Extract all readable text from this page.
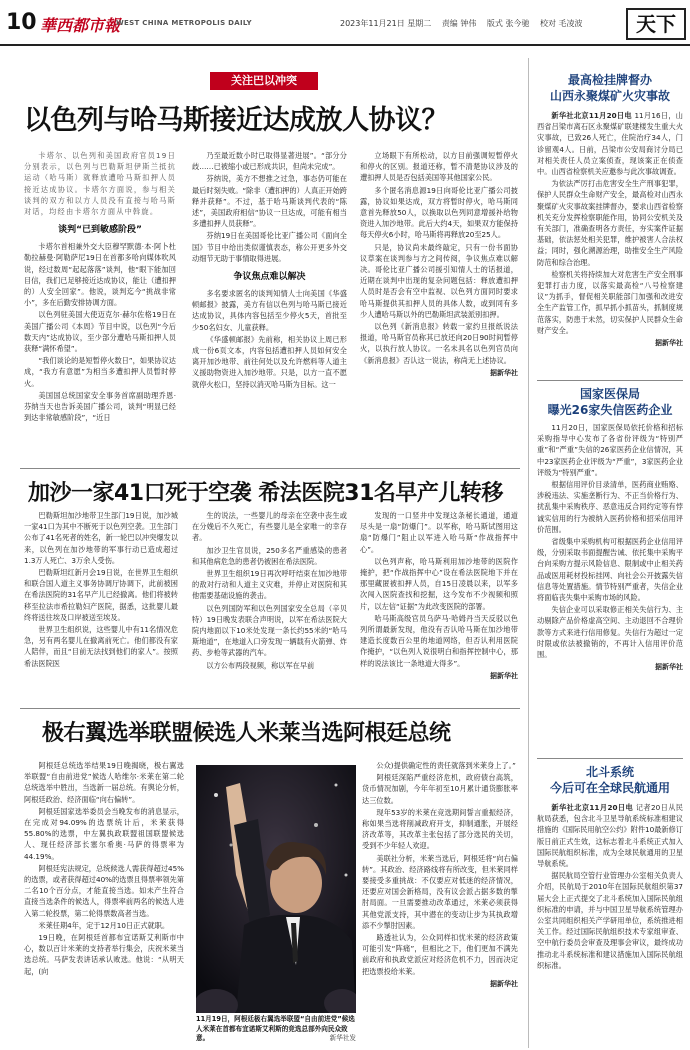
10 華西都市報
WEST CHINA METROPOLIS DAILY	2023年11月21日 星期二 责编 钟伟 版式 张今驰 校对 毛凌波	天下
关注巴以冲突
以色列与哈马斯接近达成放人协议？

卡塔尔、以色列和美国政府官员19日分别表示，以色列与巴勒斯坦伊斯兰抵抗运动（哈马斯）就释放遭哈马斯扣押人员接近达成协议。卡塔尔方面说，参与相关谈判的双方和以方人员没有直接与哈马斯对话，均经由卡塔尔方面从中斡旋。

谈判“已到敏感阶段”

卡塔尔首相兼外交大臣穆罕默德·本·阿卜杜勒拉赫曼·阿勒萨尼19日在首都多哈向媒体吹风说，经过数周“起起落落”谈判，他“眼下能加回目信，我们已足够接近达成协议，能让（遭扣押的）人安全回家”。他说，谈判迄今“挑战非常小”，多在后勤安排协调方面。

以色列驻美国大使迈克尔·赫尔佐格19日在美国广播公司《本周》节目中说，以色列“今后数天内”达成协议，至少部分遭哈马斯扣押人员获释“满怀希望”。

“我们谈论的是短暂停火数日”，如果协议达成，“我方有意愿”为相当多遭扣押人员暂时停火。

美国国总统国家安全事务首席副助理乔恩·芬纳当天也告诉美国广播公司，谈判“明显已经到达非常敏感阶段”，“近日

乃至最近数小时已取得显著进展”。“部分分歧……已被缩小或已形成共识，但尚未完成”。

芬纳说，美方不想推之过急，事态仍可能在最后时刻失败。“除非（遭扣押的）人真正开始跨释并获释”。不过，基于哈马斯谈判代表的“陈述”，美国政府相信“协议一旦达成，可能有相当多遭扣押人员获释”。

芬纳19日在美国哥伦比亚广播公司《面向全国》节目中给出类似谨慎表态，称公开更多外交动细节无助于事情取得进展。

争议焦点难以解决

多名要求匿名的谈判知情人士向美国《华盛顿邮报》披露，美方有信以色列与哈马斯已接近达成协议，具体内容包括至少停火5天，首批至少50名妇女、儿童获释。

《华盛顿邮报》先前称，相关协议上周已形成一份6页文本，内容包括遭扣押人员如何安全离开加沙地带、前往何处以及允许燃料等人道主义援助物资进入加沙地带。只是，以方一直不愿就停火松口，坚持以消灭哈马斯为目标。这一

立场眼下有所松动，以方目前强调短暂停火和停火的区别。报道还称，暂不清楚协议涉及的遭扣押人员是否包括美国等其他国家公民。

多个匿名消息源19日向哥伦比亚广播公司披露，协议如果达成，双方将暂时停火，哈马斯同意首先释放50人，以换取以色列同意增援补给物资进入加沙地带。此后大约4天，如果双方能保持每天停火6小时，哈马斯将再释放20至25人。

只是，协议尚未最终敲定，只有一份书面协议草案在谈判参与方之间传阅，争议焦点难以解决。哥伦比亚广播公司援引知情人士的话报道，近期在谈判中出现的复杂问题包括：释放遭扣押人员时是否会有空中监视、以色列方面同时要求哈马斯提供其扣押人员的具体人数，或到同有多少人遭哈马斯以外的巴勒斯坦武装派别扣押。

以色列《新消息报》转载一家约旦报纸说法报道，哈马斯官员称其已放还向20日90时间暂停火，以执行放人协议。一名未具名以色列官员向《新消息报》否认这一说法，称尚无上述协议。

据新华社

加沙一家41口死于空袭 希法医院31名早产儿转移

巴勒斯坦加沙地带卫生部门19日说，加沙城一家41口为其中不断死于以色列空袭。卫生部门公布了41名死者的姓名，新一轮巴以冲突爆发以来，以色列在加沙地带的军事行动已造成超过1.3万人死亡、3万余人受伤。

巴勒斯坦红新月会19日说，在世界卫生组织和联合国人道主义事务协调厅协调下，此前被困在希法医院的31名早产儿已经撤离。他们将被转移至拉法市希拉勒妇产医院，据悉，这批婴儿最终将送往埃及口岸被送至埃及。

世界卫生组织说，这些婴儿中有11名情况危急，另有两名婴儿在撤离前死亡。他们都没有家人陪伴，而且“目前无法找到他们的家人”。按照希法医院医

生的说法，一些婴儿的母亲在空袭中丧生或在分娩后不久死亡，有些婴儿是全家唯一的幸存者。

加沙卫生官员说，250多名严重感染的患者和其他病危急的患者仍被困在希法医院。

世界卫生组织19日再次呼吁结束在加沙地带的敌对行动和人道主义灾难，并停止对医院和其他需要基础设施的袭击。

以色列国防军和以色列国家安全总局（辛贝特）19日晚发表联合声明说，以军在希法医院大院内地面以下10米处发现一条长约55米的“哈马斯地道”，在地道入口旁发现一辆载有火箭弹、炸药、步枪等武器的汽车。

以方公布两段视频，称以军在早前

发现的一口竖井中发现这条秘长通道，通道尽头是一扇“防爆门”。以军称，哈马斯试图用这扇“防爆门”阻止以军进入哈马斯“作战指挥中心”。

以色列声称，哈马斯利用加沙地带的医院作掩护，把“作战指挥中心”设在希法医院地下并在那里藏匿被扣押人员，自15日凌晨以来，以军多次闯入医院查找和挖掘，这今发布不少视频和照片，以左信“证据”为此改变医院的部署。

哈马斯高级官员乌萨马·哈姆丹当天反驳以色列所谓最新发现，他没有否认哈马斯在加沙地带建造长度数百公里的地道网络，但否认利用医院作掩护，“以色列人说很明白和指挥控制中心，那样的说法该比一条地道大得多”。

据新华社

极右翼选举联盟候选人米莱当选阿根廷总统

阿根廷总统选举结果19日晚揭晓，极右翼选举联盟“自由前进党”候选人哈维尔·米莱在第二轮总统选举中胜出，当选新一届总统。有舆论分析，阿根廷政治、经济面临“向右偏转”。

阿根廷国家选举委员会当晚发布的消息显示，在完成对94.09%的选票统计后，米莱获得55.80%的选票，中左翼执政联盟祖国联盟候选人、现任经济部长塞尔希奥·马萨的得票率为44.19%。

阿根廷宪法规定，总统候选人需获得超过45%的选票，或者获得超过40%的选票且得票率领先第二名10个百分点，才能直接当选。如未产生符合直接当选条件的候选人，得票率前两名的候选人进入第二轮投票，第二轮得票数高者当选。

米莱任期4年，定于12月10日正式就职。

19日晚，在阿根廷首都布宜诺斯艾利斯市中心，数以百计米莱的支持者举行集会，庆祝米莱当选总统。马萨发表讲话承认败选。他说：“从明天起，(向

11月19日，阿根廷极右翼选举联盟“自由前进党”候选人米莱在首都布宜诺斯艾利斯的竞选总部外向民众致意。	新华社发

公众)提供确定性的责任就落到米莱身上了。”

阿根廷深陷严重经济危机，政府债台高筑，货币情况加剧，今年年初至10月累计通货膨胀率达三位数。

现年53岁的米莱在竞选期间誓言重振经济，称如果当选将削减政府开支，抑制通胀，开展经济改革等，其改革主张包括了部分选民的关切，受到不少年轻人欢迎。

美联社分析，米莱当选后，阿根廷将“向右偏转”。其政治、经济路线将有所改变，但米莱同样要接受多重挑战：不仅要应对低迷的经济情况，还要应对国会新格局，没有议会派占据多数的掣肘局面。一旦需要推动改革通过，米莱必须获得其他党派支持，其中潜在的变动让步为其执政增添不少掣肘因素。

路透社认为，公众同样扣忧米莱的经济政策可能引发“阵痛”，但相比之下，他们更加不满先前政府和执政党派应对经济危机不力，因而决定把选票投给米莱。

据新华社

最高检挂牌督办
山西永聚煤矿火灾事故

新华社北京11月20日电 11月16日，山西省吕梁市离石区永聚煤矿联建楼发生重大火灾事故，已致26人死亡，住院治疗34人，门诊留观4人。日前，吕梁市公安局商讨分局已对相关责任人员立案侦查，现该案正在侦查中。山西省检察机关应邀参与此次事故调查。

为依法严厉打击危害安全生产刑事犯罪，保护人民群众生命财产安全，最高检对山西永聚煤矿火灾事故案挂牌督办，要求山西省检察机关充分发挥检察职能作用，协同公安机关及有关部门，准确查明各方责任，夯实案件证据基础，依法惩处相关犯罪，维护被害人合法权益；同时，强化溯源治理，助推安全生产风险防范和综合治理。

检察机关将持续加大对危害生产安全刑事犯罪打击力度，以落实最高检“八号检察建议”为抓手，督促相关职能部门加强和改进安全生产监管工作，抓早抓小抓苗头，抓制度规范落实，防患于未然，切实保护人民群众生命财产安全。

据新华社

国家医保局
曝光26家失信医药企业

11月20日，国家医保局依托价格和招标采购指导中心发布了各省份评级为“特别严重”和“严重”失信的26家医药企业信情况，其中23家医药企业评级为“严重”，3家医药企业评级为“特别严重”。

根据信用评价目录清单，医药商业贿赂、涉税违法、实施垄断行为、不正当价格行为、扰乱集中采购秩序、恶意违反合同约定等有悖诚实信用的行为被纳入医药价格和招采信用评价范围。

省级集中采购机构可根据医药企业信用评级，分别采取书面提醒告诫、依托集中采购平台向采购方提示风险信息、限制或中止相关药品或医用耗材投标挂网、向社会公开披露失信信息等处置措施。情节特别严重者，失信企业将面临丧失集中采购市场的风险。

失信企业可以采取修正相关失信行为、主动剔除产品价格虚高空间、主动退回不合理价款等方式来进行信用修复。失信行为超过一定时限或依法被撤销的，不再计入信用评价范围。

据新华社

北斗系统
今后可在全球民航通用

新华社北京11月20日电 记者20日从民航局获悉，包含北斗卫星导航系统标准相建议措施的《国际民用航空公约》附件10最新修订版日前正式生效，这标志着北斗系统正式加入国际民航组织标准，成为全球民航通用的卫星导航系统。

据民航局空管行业管理办公室相关负责人介绍，民航局于2010年在国际民航组织第37届大会上正式提交了北斗系统加入国际民航组织标准的申请，并与中国卫星导航系统管理办公室共同组织相关产学研用单位，系统推进相关工作。经过国际民航组织技术专家组审查、空中航行委员会审查及理事会审议，最终成功推动北斗系统标准和建议措施加入国际民航组织标准。
